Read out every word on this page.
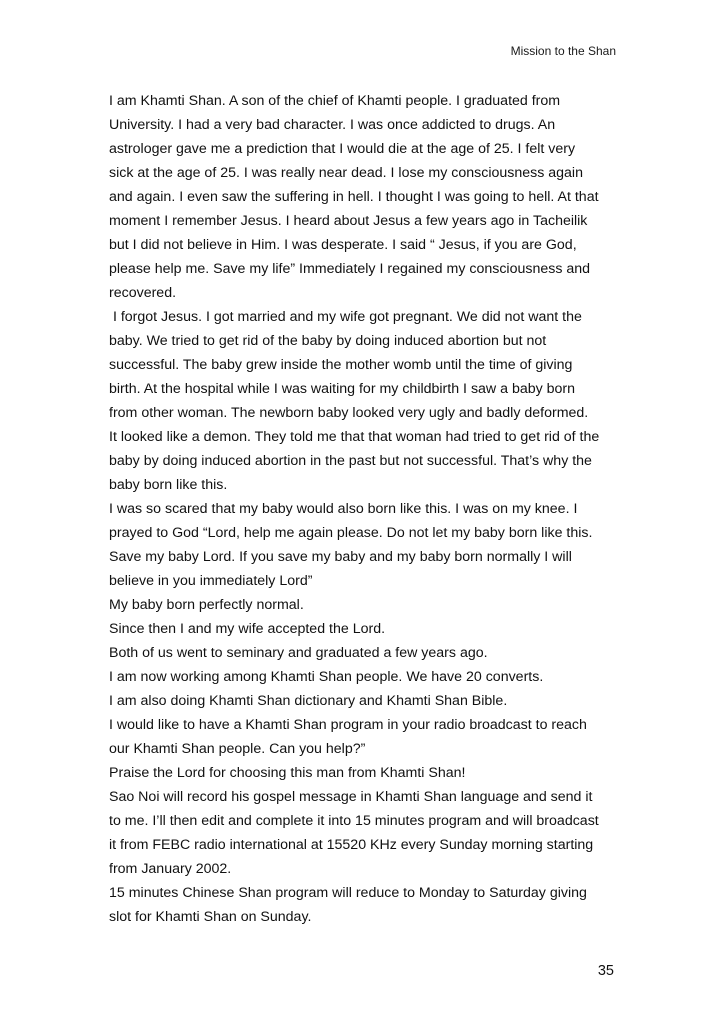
Mission to the Shan
I am Khamti Shan. A son of the chief of Khamti people. I graduated from
University. I had a very bad character. I was once addicted to drugs. An
astrologer gave me a prediction that I would die at the age of 25. I felt very
sick at the age of 25. I was really near dead. I lose my consciousness again
and again. I even saw the suffering in hell. I thought I was going to hell. At that
moment I remember Jesus. I heard about Jesus a few years ago in Tacheilik
but I did not believe in Him. I was desperate. I said “ Jesus, if you are God,
please help me. Save my life” Immediately I regained my consciousness and
recovered.
I forgot Jesus. I got married and my wife got pregnant. We did not want the
baby. We tried to get rid of the baby by doing induced abortion but not
successful. The baby grew inside the mother womb until the time of giving
birth. At the hospital while I was waiting for my childbirth I saw a baby born
from other woman. The newborn baby looked very ugly and badly deformed.
It looked like a demon. They told me that that woman had tried to get rid of the
baby by doing induced abortion in the past but not successful. That’s why the
baby born like this.
I was so scared that my baby would also born like this. I was on my knee. I
prayed to God “Lord, help me again please. Do not let my baby born like this.
Save my baby Lord. If you save my baby and my baby born normally I will
believe in you immediately Lord”
My baby born perfectly normal.
Since then I and my wife accepted the Lord.
Both of us went to seminary and graduated a few years ago.
I am now working among Khamti Shan people. We have 20 converts.
I am also doing Khamti Shan dictionary and Khamti Shan Bible.
I would like to have a Khamti Shan program in your radio broadcast to reach
our Khamti Shan people. Can you help?”
Praise the Lord for choosing this man from Khamti Shan!
Sao Noi will record his gospel message in Khamti Shan language and send it
to me. I’ll then edit and complete it into 15 minutes program and will broadcast
it from FEBC radio international at 15520 KHz every Sunday morning starting
from January 2002.
15 minutes Chinese Shan program will reduce to Monday to Saturday giving
slot for Khamti Shan on Sunday.
35
